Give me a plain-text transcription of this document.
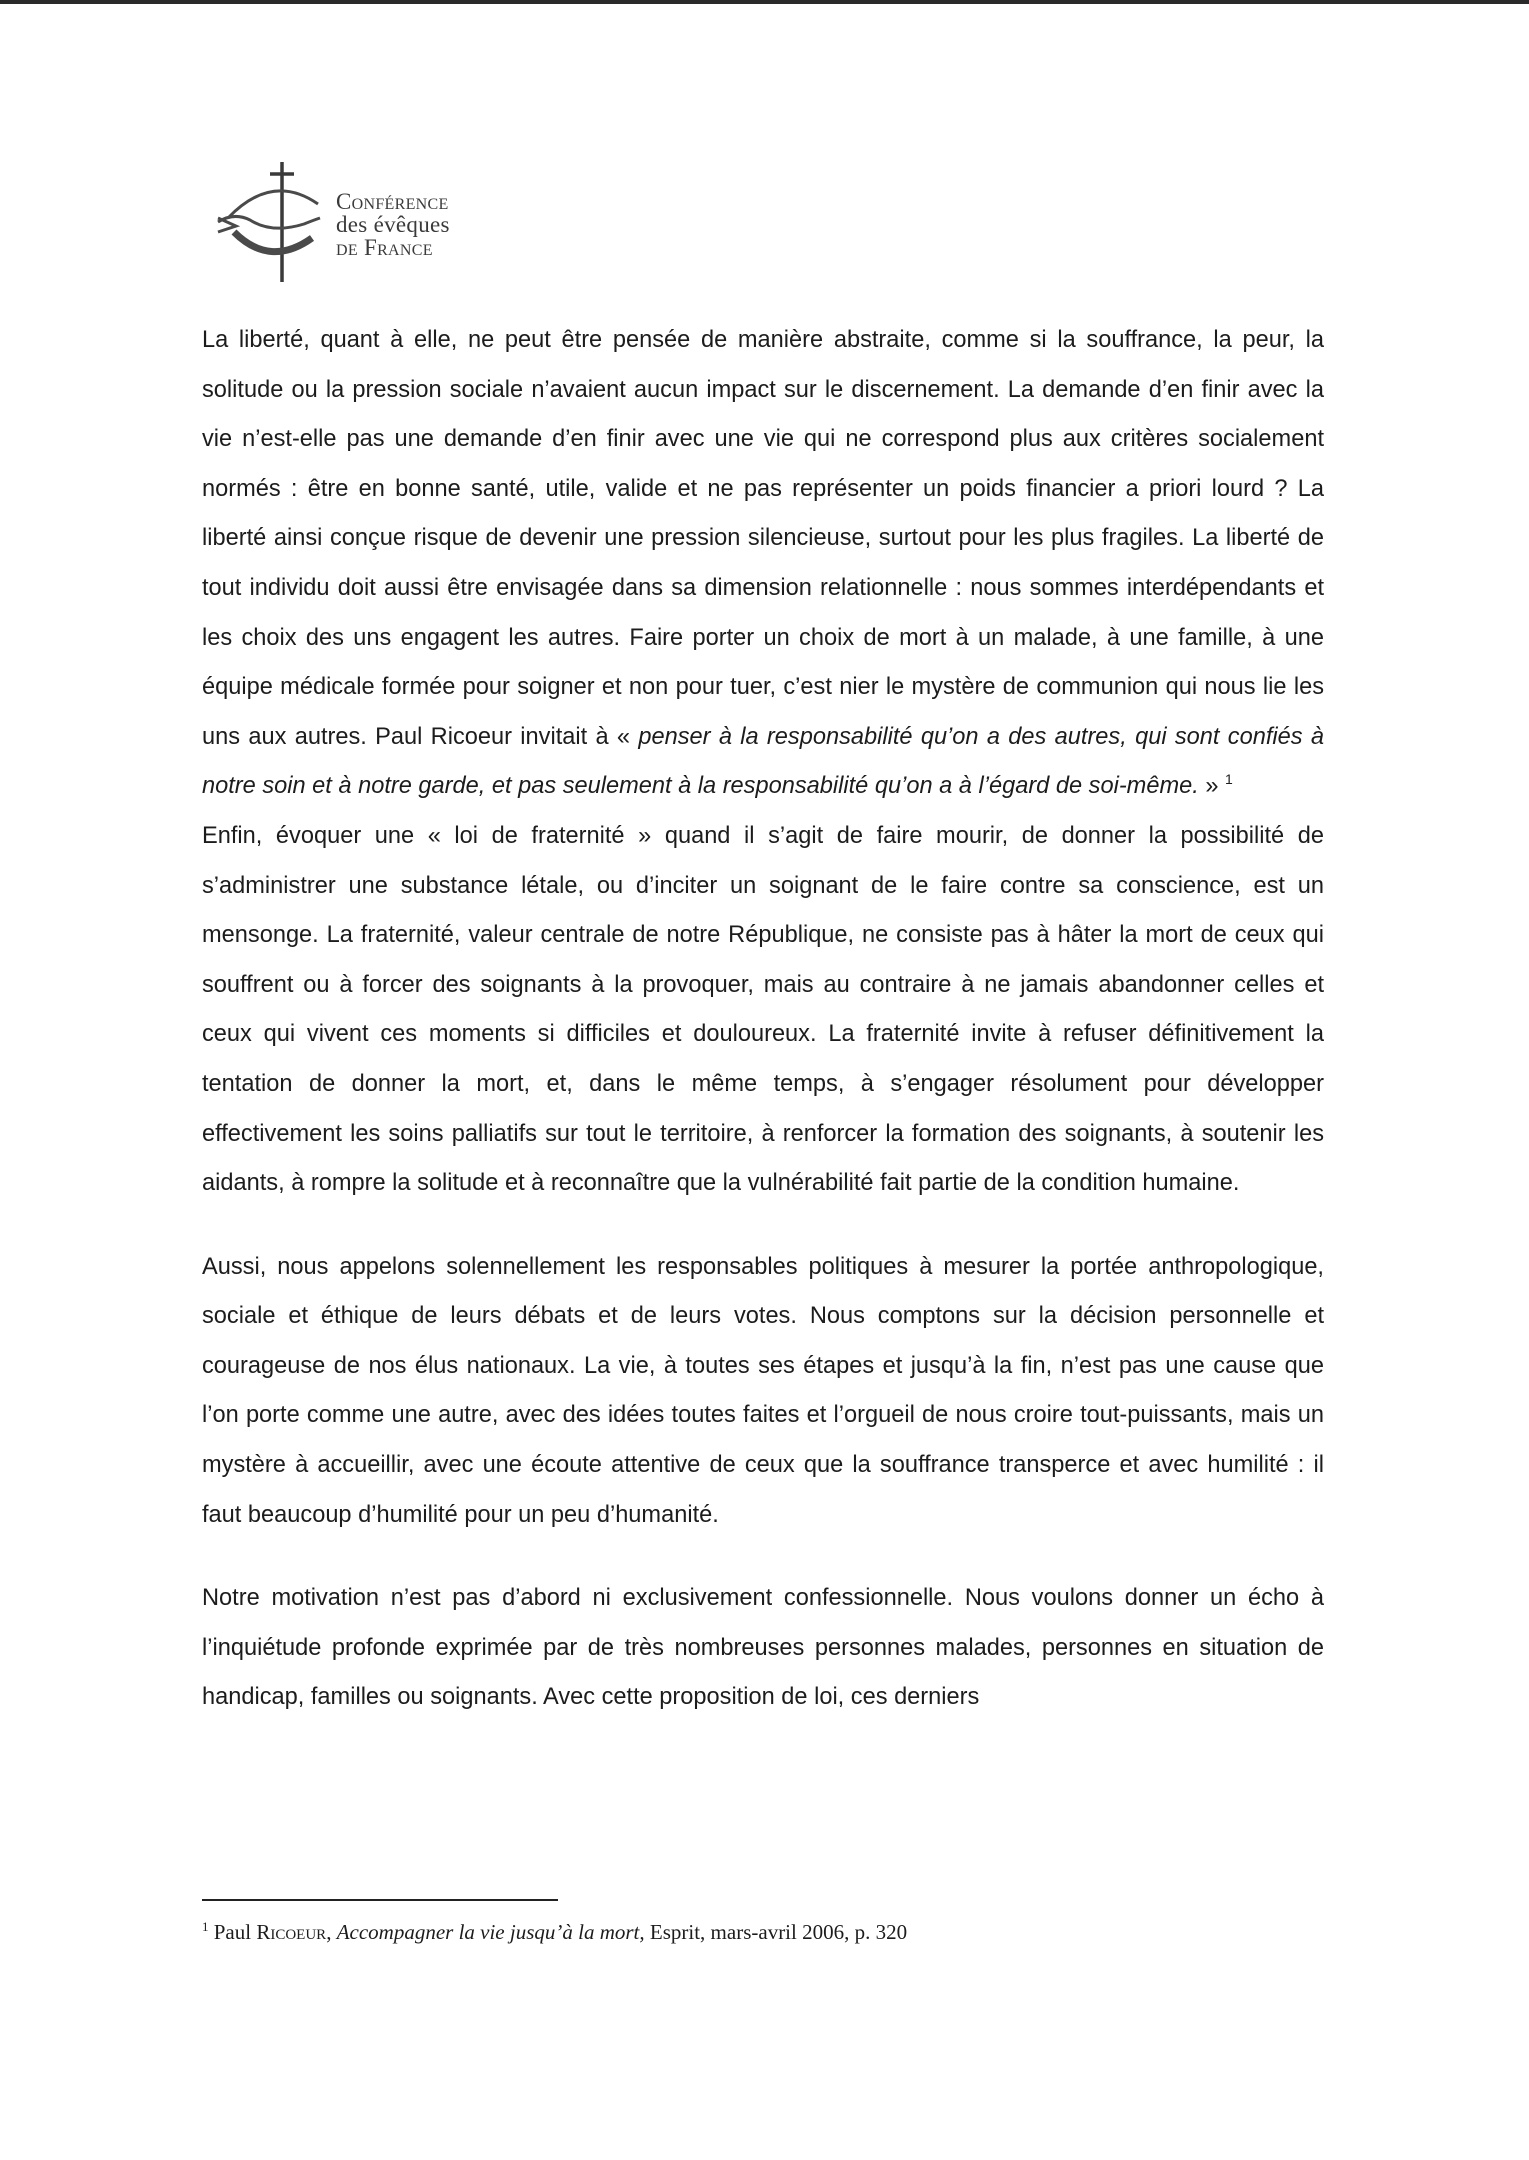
Conférence
des évêques
de France

La liberté, quant à elle, ne peut être pensée de manière abstraite, comme si la souffrance, la peur, la solitude ou la pression sociale n’avaient aucun impact sur le discernement. La demande d’en finir avec la vie n’est-elle pas une demande d’en finir avec une vie qui ne correspond plus aux critères socialement normés : être en bonne santé, utile, valide et ne pas représenter un poids financier a priori lourd ? La liberté ainsi conçue risque de devenir une pression silencieuse, surtout pour les plus fragiles. La liberté de tout individu doit aussi être envisagée dans sa dimension relationnelle : nous sommes interdépendants et les choix des uns engagent les autres. Faire porter un choix de mort à un malade, à une famille, à une équipe médicale formée pour soigner et non pour tuer, c’est nier le mystère de communion qui nous lie les uns aux autres. Paul Ricoeur invitait à « penser à la responsabilité qu’on a des autres, qui sont confiés à notre soin et à notre garde, et pas seulement à la responsabilité qu’on a à l’égard de soi-même. » $^1$

Enfin, évoquer une « loi de fraternité » quand il s’agit de faire mourir, de donner la possibilité de s’administrer une substance létale, ou d’inciter un soignant de le faire contre sa conscience, est un mensonge. La fraternité, valeur centrale de notre République, ne consiste pas à hâter la mort de ceux qui souffrent ou à forcer des soignants à la provoquer, mais au contraire à ne jamais abandonner celles et ceux qui vivent ces moments si difficiles et douloureux. La fraternité invite à refuser définitivement la tentation de donner la mort, et, dans le même temps, à s’engager résolument pour développer effectivement les soins palliatifs sur tout le territoire, à renforcer la formation des soignants, à soutenir les aidants, à rompre la solitude et à reconnaître que la vulnérabilité fait partie de la condition humaine.

Aussi, nous appelons solennellement les responsables politiques à mesurer la portée anthropologique, sociale et éthique de leurs débats et de leurs votes. Nous comptons sur la décision personnelle et courageuse de nos élus nationaux. La vie, à toutes ses étapes et jusqu’à la fin, n’est pas une cause que l’on porte comme une autre, avec des idées toutes faites et l’orgueil de nous croire tout-puissants, mais un mystère à accueillir, avec une écoute attentive de ceux que la souffrance transperce et avec humilité : il faut beaucoup d’humilité pour un peu d’humanité.

Notre motivation n’est pas d’abord ni exclusivement confessionnelle. Nous voulons donner un écho à l’inquiétude profonde exprimée par de très nombreuses personnes malades, personnes en situation de handicap, familles ou soignants. Avec cette proposition de loi, ces derniers

$^1$ Paul Ricoeur, Accompagner la vie jusqu’à la mort, Esprit, mars-avril 2006, p. 320
